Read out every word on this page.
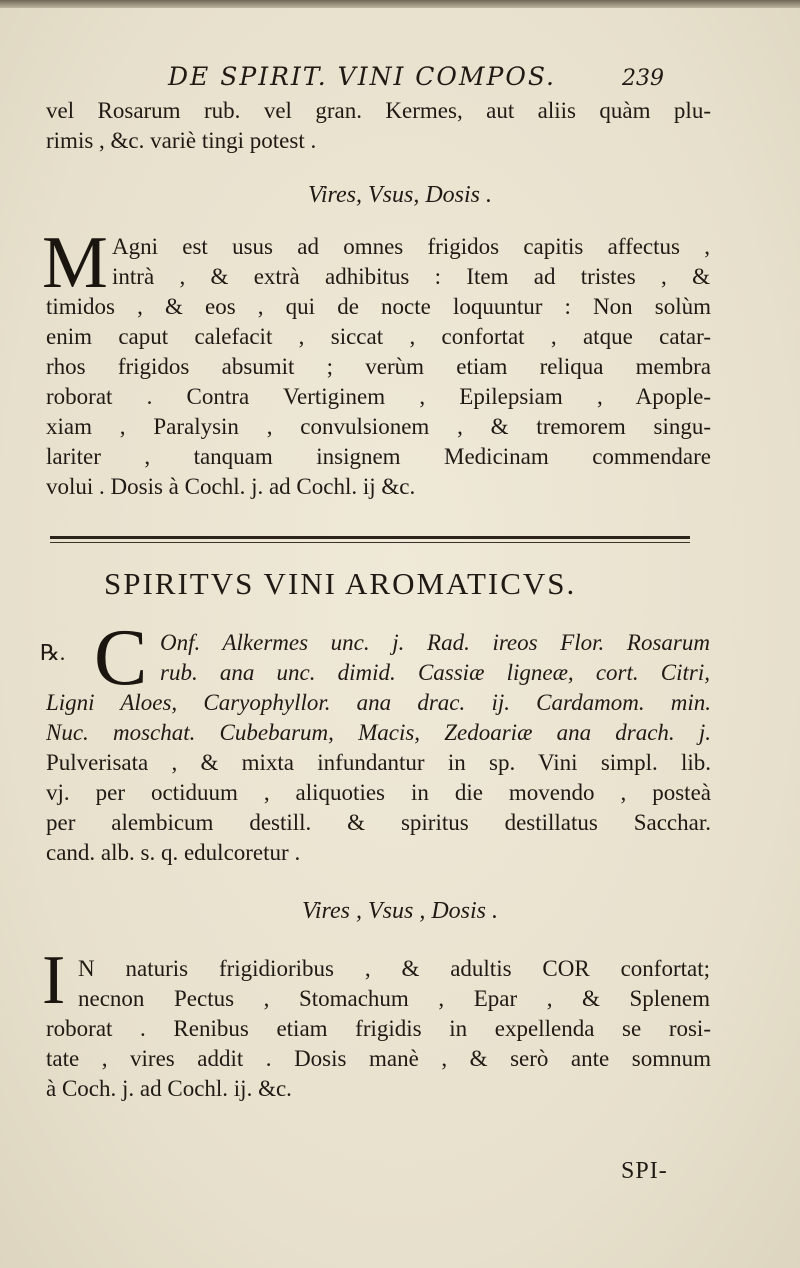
DE SPIRIT. VINI COMPOS.	239
vel Rosarum rub. vel gran. Kermes, aut aliis quàm plu-
rimis , &c. variè tingi potest .
Vires, Vsus, Dosis .
M Agni est usus ad omnes frigidos capitis affectus ,
intrà , & extrà adhibitus : Item ad tristes , &
timidos , & eos , qui de nocte loquuntur : Non solùm
enim caput calefacit , siccat , confortat , atque catar-
rhos frigidos absumit ; verùm etiam reliqua membra
roborat . Contra Vertiginem , Epilepsiam , Apople-
xiam , Paralysin , convulsionem , & tremorem singu-
lariter , tanquam insignem Medicinam commendare
volui . Dosis à Cochl. j. ad Cochl. ij &c.
SPIRITVS VINI AROMATICVS.
℞. C Onf. Alkermes unc. j. Rad. ireos Flor. Rosarum
rub. ana unc. dimid. Cassiæ ligneæ, cort. Citri,
Ligni Aloes, Caryophyllor. ana drac. ij. Cardamom. min.
Nuc. moschat. Cubebarum, Macis, Zedoariæ ana drach. j.
Pulverisata , & mixta infundantur in sp. Vini simpl. lib.
vj. per octiduum , aliquoties in die movendo , posteà
per alembicum destill. & spiritus destillatus Sacchar.
cand. alb. s. q. edulcoretur .
Vires , Vsus , Dosis .
I N naturis frigidioribus , & adultis COR confortat;
necnon Pectus , Stomachum , Epar , & Splenem
roborat . Renibus etiam frigidis in expellenda se rosi-
tate , vires addit . Dosis manè , & serò ante somnum
à Coch. j. ad Cochl. ij. &c.
SPI-
